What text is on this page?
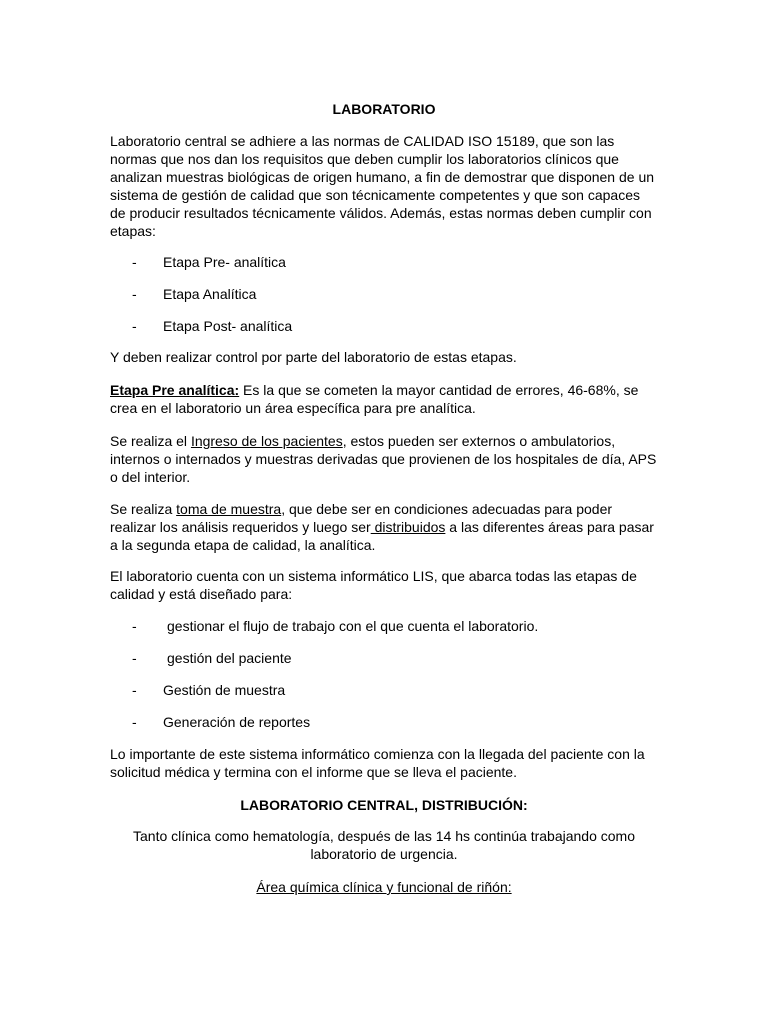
LABORATORIO

Laboratorio central se adhiere a las normas de CALIDAD ISO 15189, que son las normas que nos dan los requisitos que deben cumplir los laboratorios clínicos que analizan muestras biológicas de origen humano, a fin de demostrar que disponen de un sistema de gestión de calidad que son técnicamente competentes y que son capaces de producir resultados técnicamente válidos. Además, estas normas deben cumplir con etapas:

- Etapa Pre- analítica
- Etapa Analítica
- Etapa Post- analítica

Y deben realizar control por parte del laboratorio de estas etapas.

Etapa Pre analítica: Es la que se cometen la mayor cantidad de errores, 46-68%, se crea en el laboratorio un área específica para pre analítica.

Se realiza el Ingreso de los pacientes, estos pueden ser externos o ambulatorios, internos o internados y muestras derivadas que provienen de los hospitales de día, APS o del interior.

Se realiza toma de muestra, que debe ser en condiciones adecuadas para poder realizar los análisis requeridos y luego ser distribuidos a las diferentes áreas para pasar a la segunda etapa de calidad, la analítica.

El laboratorio cuenta con un sistema informático LIS, que abarca todas las etapas de calidad y está diseñado para:

- gestionar el flujo de trabajo con el que cuenta el laboratorio.
- gestión del paciente
- Gestión de muestra
- Generación de reportes

Lo importante de este sistema informático comienza con la llegada del paciente con la solicitud médica y termina con el informe que se lleva el paciente.

LABORATORIO CENTRAL, DISTRIBUCIÓN:

Tanto clínica como hematología, después de las 14 hs continúa trabajando como laboratorio de urgencia.

Área química clínica y funcional de riñón:
